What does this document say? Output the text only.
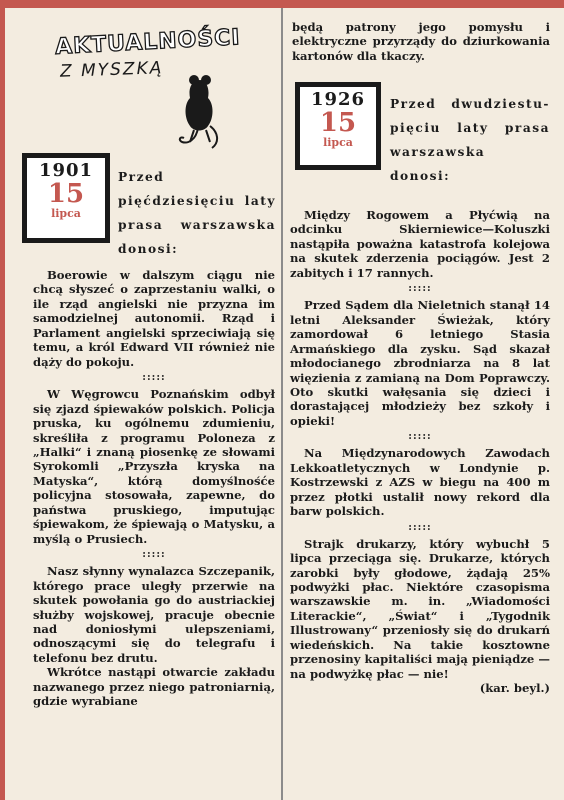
AKTUALNOŚCI
Z MYSZKĄ
1901
15
lipca
Przed pięćdziesięciu laty prasa warszawska donosi:

Boerowie w dalszym ciągu nie chcą słyszeć o zaprzestaniu walki, o ile rząd angielski nie przyzna im samodzielnej autonomii. Rząd i Parlament angielski sprzeciwiają się temu, a król Edward VII również nie dąży do pokoju.

:::::

W Węgrowcu Poznańskim odbył się zjazd śpiewaków polskich. Policja pruska, ku ogólnemu zdumieniu, skreśliła z programu Poloneza z „Halki“ i znaną piosenkę ze słowami Syrokomli „Przyszła kryska na Matyska“, którą domyślnośće policyjna stosowała, zapewne, do państwa pruskiego, imputując śpiewakom, że śpiewają o Matysku, a myślą o Prusiech.

:::::

Nasz słynny wynalazca Szczepanik, którego prace uległy przerwie na skutek powołania go do austriackiej służby wojskowej, pracuje obecnie nad doniosłymi ulepszeniami, odnoszącymi się do telegrafu i telefonu bez drutu.

Wkrótce nastąpi otwarcie zakładu nazwanego przez niego patroniarnią, gdzie wyrabiane

będą patrony jego pomysłu i elektryczne przyrządy do dziurkowania kartonów dla tkaczy.

1926
15
lipca
Przed dwudziestu-pięciu laty prasa warszawska donosi:

Między Rogowem a Płyćwią na odcinku Skierniewice—Koluszki nastąpiła poważna katastrofa kolejowa na skutek zderzenia pociągów. Jest 2 zabitych i 17 rannych.

:::::

Przed Sądem dla Nieletnich stanął 14 letni Aleksander Świeżak, który zamordował 6 letniego Stasia Armańskiego dla zysku. Sąd skazał młodocianego zbrodniarza na 8 lat więzienia z zamianą na Dom Poprawczy. Oto skutki wałęsania się dzieci i dorastającej młodzieży bez szkoły i opieki!

:::::

Na Międzynarodowych Zawodach Lekkoatletycznych w Londynie p. Kostrzewski z AZS w biegu na 400 m przez płotki ustalił nowy rekord dla barw polskich.

:::::

Strajk drukarzy, który wybuchł 5 lipca przeciąga się. Drukarze, których zarobki były głodowe, żądają 25% podwyżki płac. Niektóre czasopisma warszawskie m. in. „Wiadomości Literackie“, „Świat“ i „Tygodnik Illustrowany“ przeniosły się do drukarń wiedeńskich. Na takie kosztowne przenosiny kapitaliści mają pieniądze — na podwyżkę płac — nie!

(kar. beyl.)
